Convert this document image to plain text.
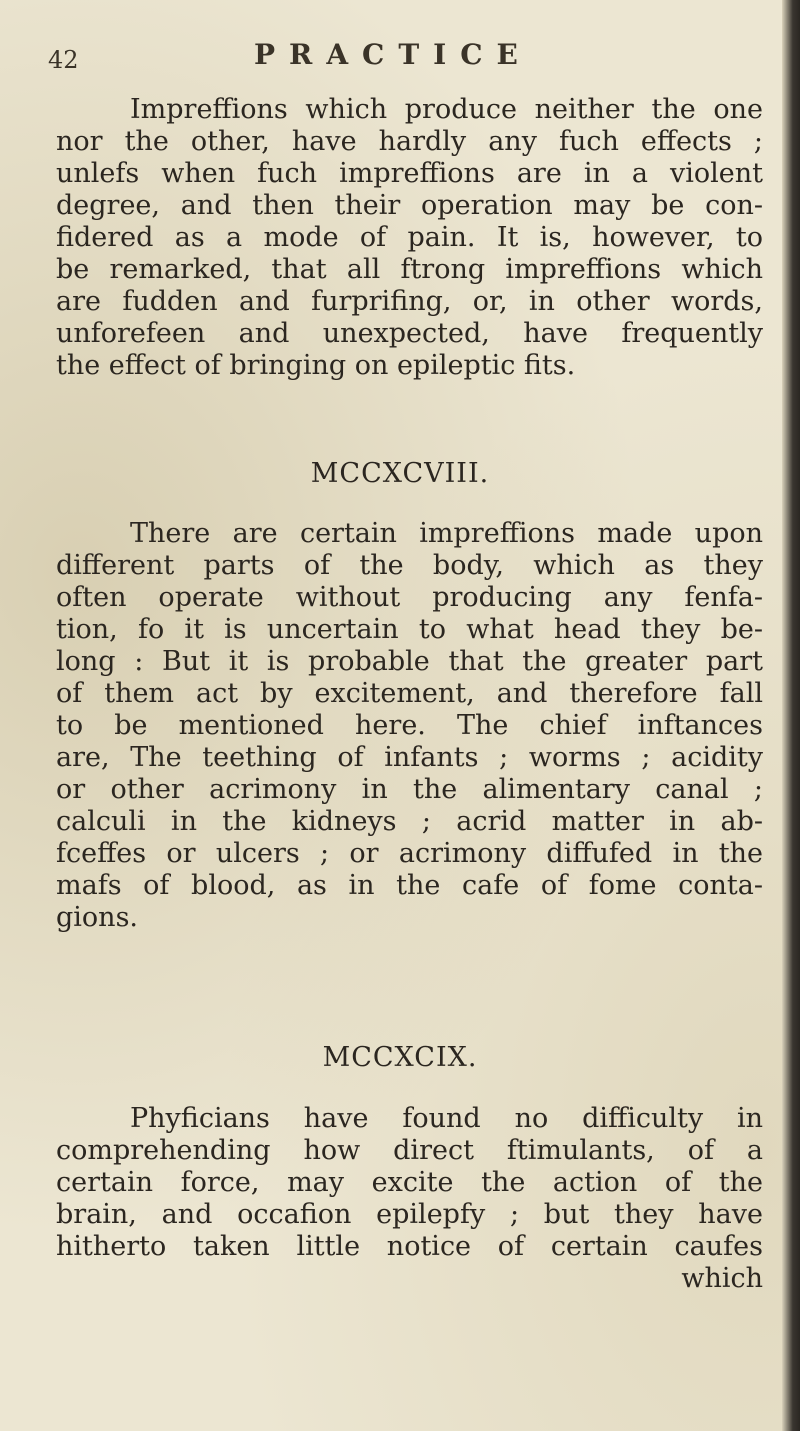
42	PRACTICE
Impreffions which produce neither the one
nor the other, have hardly any fuch effects ;
unlefs when fuch impreffions are in a violent
degree, and then their operation may be con-
fidered as a mode of pain. It is, however, to
be remarked, that all ftrong impreffions which
are fudden and furprifing, or, in other words,
unforefeen and unexpected, have frequently
the effect of bringing on epileptic fits.
MCCXCVIII.
There are certain impreffions made upon
different parts of the body, which as they
often operate without producing any fenfa-
tion, fo it is uncertain to what head they be-
long : But it is probable that the greater part
of them act by excitement, and therefore fall
to be mentioned here. The chief inftances
are, The teething of infants ; worms ; acidity
or other acrimony in the alimentary canal ;
calculi in the kidneys ; acrid matter in ab-
fceffes or ulcers ; or acrimony diffufed in the
mafs of blood, as in the cafe of fome conta-
gions.
MCCXCIX.
Phyficians have found no difficulty in
comprehending how direct ftimulants, of a
certain force, may excite the action of the
brain, and occafion epilepfy ; but they have
hitherto taken little notice of certain caufes
which
